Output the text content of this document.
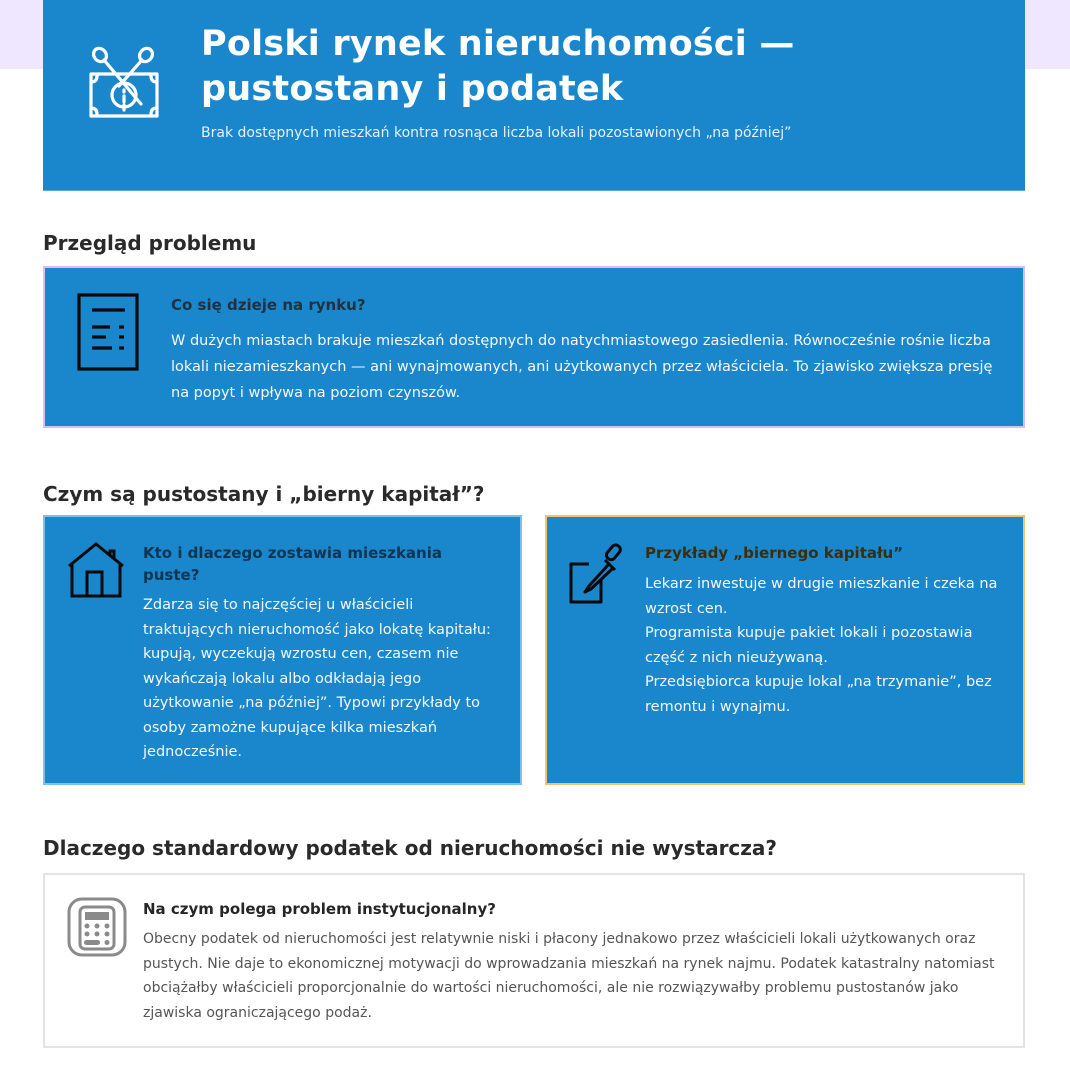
Polski rynek nieruchomości — pustostany i podatek
Brak dostępnych mieszkań kontra rosnąca liczba lokali pozostawionych „na później”
Przegląd problemu
Co się dzieje na rynku?
W dużych miastach brakuje mieszkań dostępnych do natychmiastowego zasiedlenia. Równocześnie rośnie liczba lokali niezamieszkanych — ani wynajmowanych, ani użytkowanych przez właściciela. To zjawisko zwiększa presję na popyt i wpływa na poziom czynszów.
Czym są pustostany i „bierny kapitał”?
Kto i dlaczego zostawia mieszkania puste?
Zdarza się to najczęściej u właścicieli traktujących nieruchomość jako lokatę kapitału: kupują, wyczekują wzrostu cen, czasem nie wykańczają lokalu albo odkładają jego użytkowanie „na później”. Typowi przykłady to osoby zamożne kupujące kilka mieszkań jednocześnie.
Przykłady „biernego kapitału”
Lekarz inwestuje w drugie mieszkanie i czeka na wzrost cen.
Programista kupuje pakiet lokali i pozostawia część z nich nieużywaną.
Przedsiębiorca kupuje lokal „na trzymanie”, bez remontu i wynajmu.
Dlaczego standardowy podatek od nieruchomości nie wystarcza?
Na czym polega problem instytucjonalny?
Obecny podatek od nieruchomości jest relatywnie niski i płacony jednakowo przez właścicieli lokali użytkowanych oraz pustych. Nie daje to ekonomicznej motywacji do wprowadzania mieszkań na rynek najmu. Podatek katastralny natomiast obciążałby właścicieli proporcjonalnie do wartości nieruchomości, ale nie rozwiązywałby problemu pustostanów jako zjawiska ograniczającego podaż.
